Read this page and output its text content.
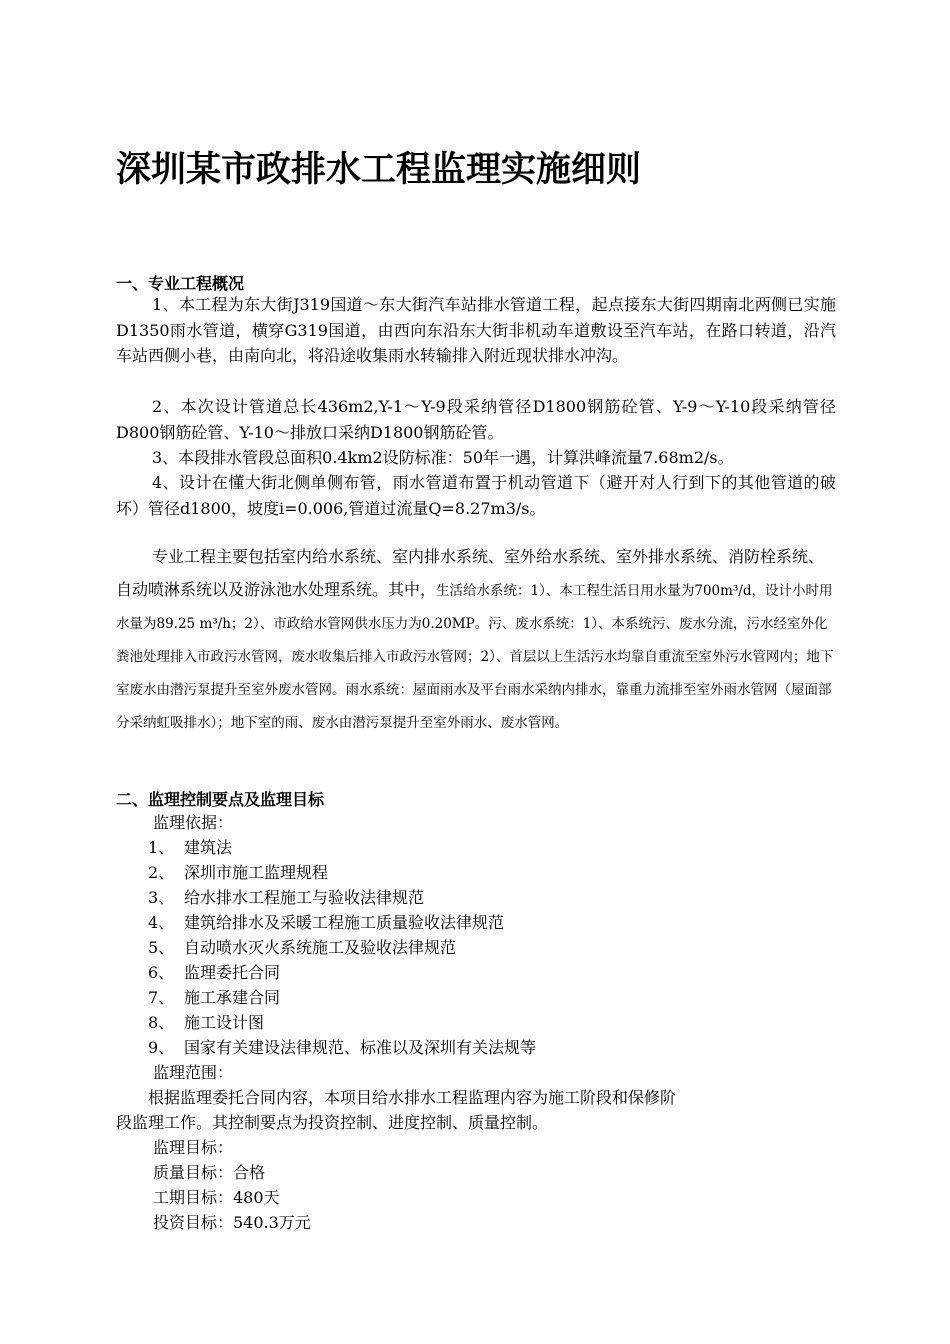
深圳某市政排水工程监理实施细则
一、专业工程概况

1、本工程为东大街J319国道～东大街汽车站排水管道工程，起点接东大街四期南北两侧已实施D1350雨水管道，横穿G319国道，由西向东沿东大街非机动车道敷设至汽车站，在路口转道，沿汽车站西侧小巷，由南向北，将沿途收集雨水转输排入附近现状排水冲沟。

2、本次设计管道总长436m2,Y-1～Y-9段采纳管径D1800钢筋砼管、Y-9～Y-10段采纳管径D800钢筋砼管、Y-10～排放口采纳D1800钢筋砼管。

3、本段排水管段总面积0.4km2设防标准：50年一遇，计算洪峰流量7.68m2/s。

4、设计在懂大街北侧单侧布管，雨水管道布置于机动管道下（避开对人行到下的其他管道的破坏）管径d1800，坡度i=0.006,管道过流量Q=8.27m3/s。

专业工程主要包括室内给水系统、室内排水系统、室外给水系统、室外排水系统、消防栓系统、自动喷淋系统以及游泳池水处理系统。其中，生活给水系统：1）、本工程生活日用水量为700m³/d，设计小时用水量为89.25 m³/h；2）、市政给水管网供水压力为0.20MP。污、废水系统：1）、本系统污、废水分流，污水经室外化粪池处理排入市政污水管网，废水收集后排入市政污水管网；2）、首层以上生活污水均靠自重流至室外污水管网内；地下室废水由潜污泵提升至室外废水管网。雨水系统：屋面雨水及平台雨水采纳内排水，靠重力流排至室外雨水管网（屋面部分采纳虹吸排水）；地下室的雨、废水由潜污泵提升至室外雨水、废水管网。
二、监理控制要点及监理目标
监理依据：
1、 建筑法
2、 深圳市施工监理规程
3、 给水排水工程施工与验收法律规范
4、 建筑给排水及采暖工程施工质量验收法律规范
5、 自动喷水灭火系统施工及验收法律规范
6、 监理委托合同
7、 施工承建合同
8、 施工设计图
9、 国家有关建设法律规范、标准以及深圳有关法规等
监理范围：
根据监理委托合同内容，本项目给水排水工程监理内容为施工阶段和保修阶
段监理工作。其控制要点为投资控制、进度控制、质量控制。
监理目标：
质量目标：合格
工期目标：480天
投资目标：540.3万元
